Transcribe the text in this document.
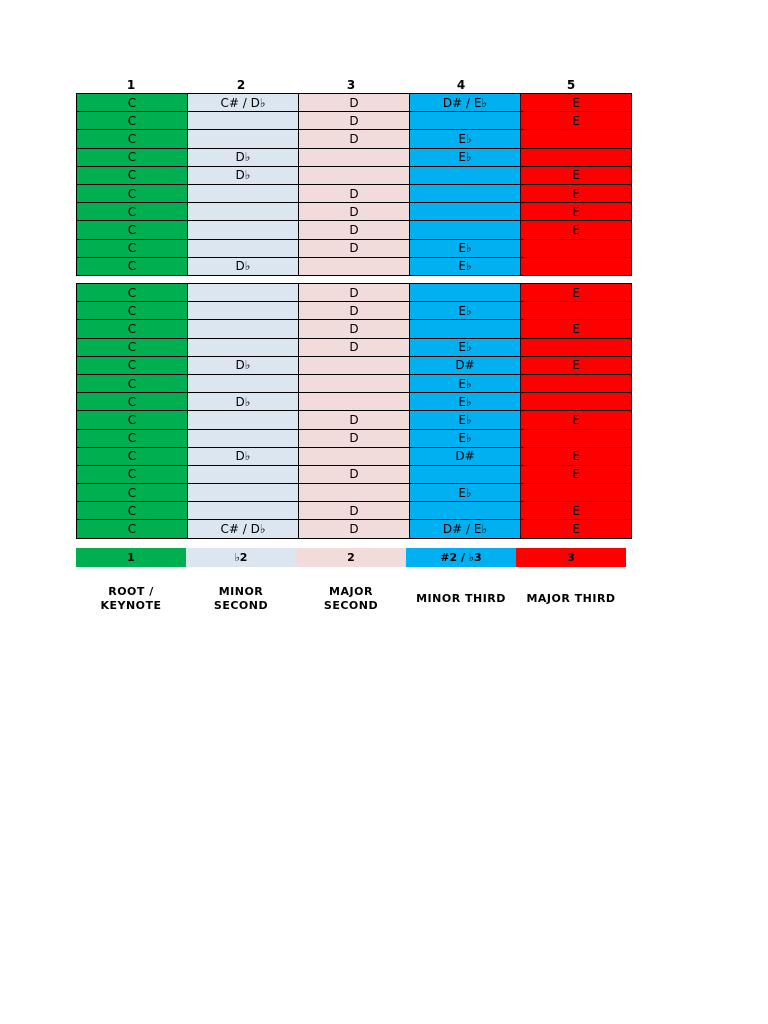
1	2	3	4	5
C	C# / D♭	D	D# / E♭	E
C		D		E
C		D	E♭	
C	D♭		E♭	
C	D♭			E
C		D		E
C		D		E
C		D		E
C		D	E♭	
C	D♭		E♭	
C		D		E
C		D	E♭	
C		D		E
C		D	E♭	
C	D♭		D#	E
C			E♭	
C	D♭		E♭	
C		D	E♭	E
C		D	E♭	
C	D♭		D#	E
C		D		E
C			E♭	
C		D		E
C	C# / D♭	D	D# / E♭	E
1	♭2	2	#2 / ♭3	3
ROOT /
KEYNOTE
MINOR
SECOND
MAJOR
SECOND
MINOR THIRD	MAJOR THIRD
